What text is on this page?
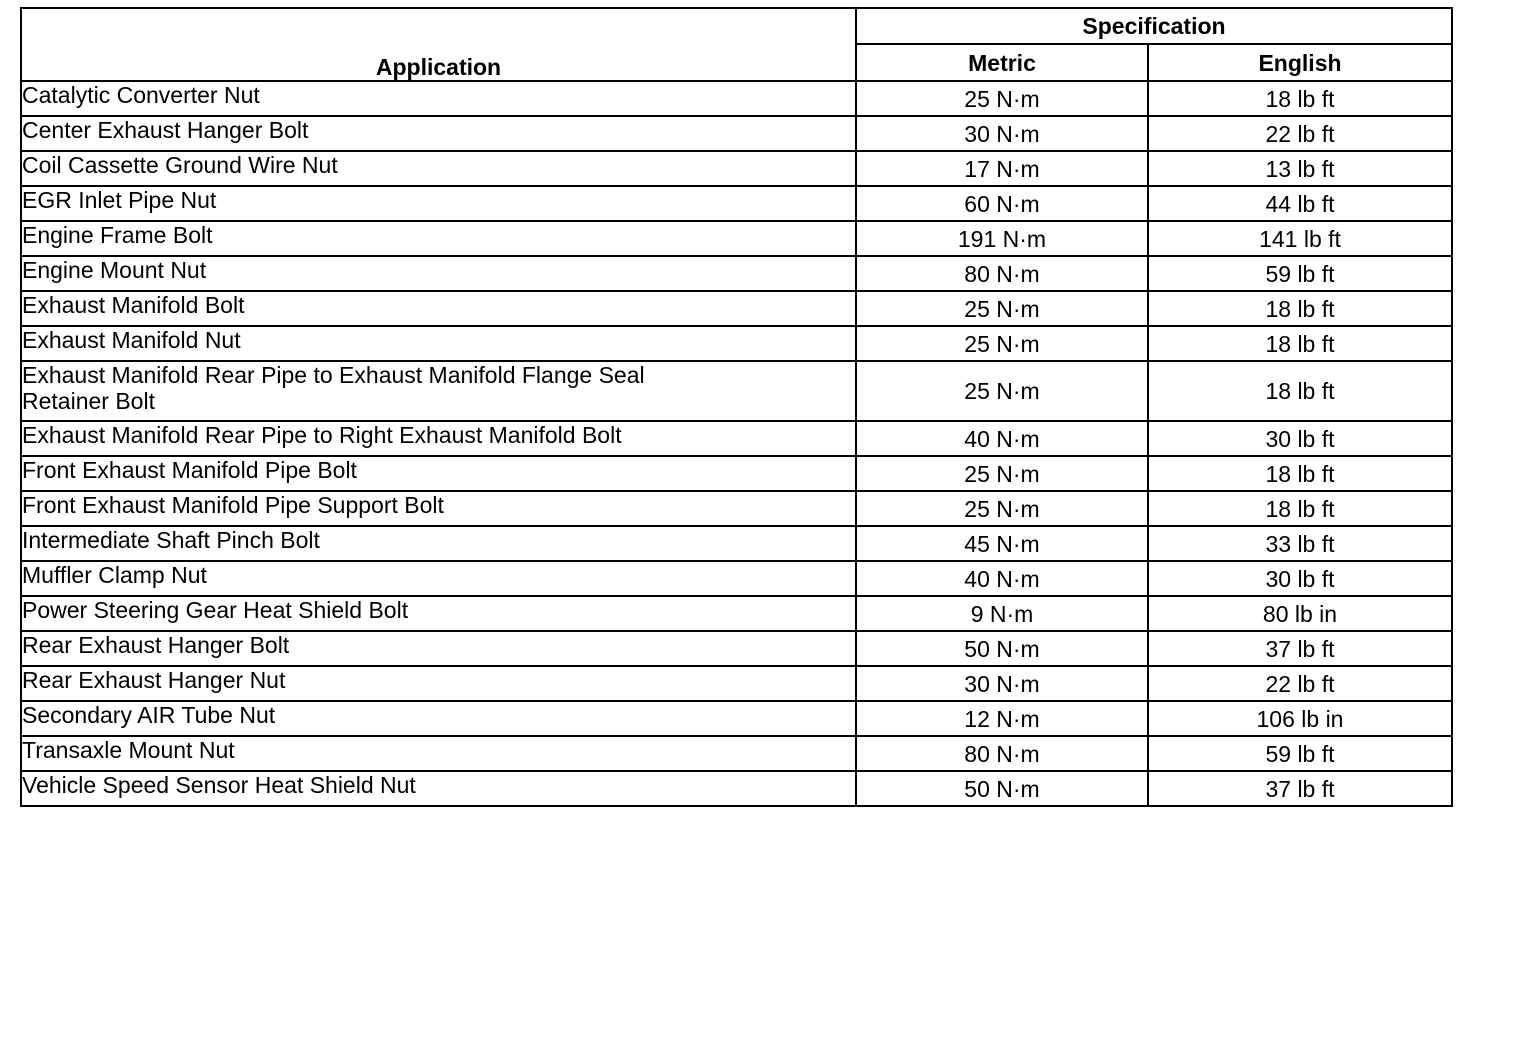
Application	Specification	
	Metric	English
Catalytic Converter Nut	25 N·m	18 lb ft
Center Exhaust Hanger Bolt	30 N·m	22 lb ft
Coil Cassette Ground Wire Nut	17 N·m	13 lb ft
EGR Inlet Pipe Nut	60 N·m	44 lb ft
Engine Frame Bolt	191 N·m	141 lb ft
Engine Mount Nut	80 N·m	59 lb ft
Exhaust Manifold Bolt	25 N·m	18 lb ft
Exhaust Manifold Nut	25 N·m	18 lb ft

Exhaust Manifold Rear Pipe to Exhaust Manifold Flange Seal Retainer Bolt	25 N·m	18 lb ft
Exhaust Manifold Rear Pipe to Right Exhaust Manifold Bolt	40 N·m	30 lb ft
Front Exhaust Manifold Pipe Bolt	25 N·m	18 lb ft
Front Exhaust Manifold Pipe Support Bolt	25 N·m	18 lb ft
Intermediate Shaft Pinch Bolt	45 N·m	33 lb ft
Muffler Clamp Nut	40 N·m	30 lb ft
Power Steering Gear Heat Shield Bolt	9 N·m	80 lb in
Rear Exhaust Hanger Bolt	50 N·m	37 lb ft
Rear Exhaust Hanger Nut	30 N·m	22 lb ft
Secondary AIR Tube Nut	12 N·m	106 lb in
Transaxle Mount Nut	80 N·m	59 lb ft
Vehicle Speed Sensor Heat Shield Nut	50 N·m	37 lb ft
